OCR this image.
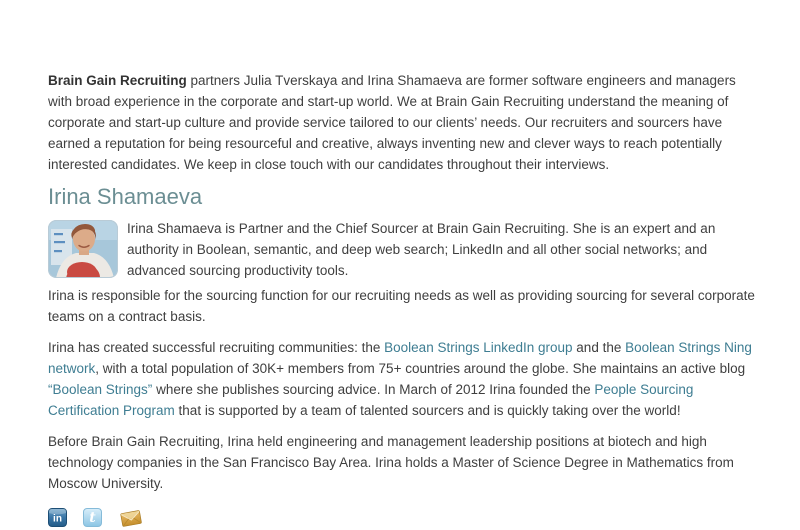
Brain Gain Recruiting partners Julia Tverskaya and Irina Shamaeva are former software engineers and managers with broad experience in the corporate and start-up world. We at Brain Gain Recruiting understand the meaning of corporate and start-up culture and provide service tailored to our clients’ needs. Our recruiters and sourcers have earned a reputation for being resourceful and creative, always inventing new and clever ways to reach potentially interested candidates. We keep in close touch with our candidates throughout their interviews.

Irina Shamaeva

Irina Shamaeva is Partner and the Chief Sourcer at Brain Gain Recruiting. She is an expert and an authority in Boolean, semantic, and deep web search; LinkedIn and all other social networks; and advanced sourcing productivity tools.

Irina is responsible for the sourcing function for our recruiting needs as well as providing sourcing for several corporate teams on a contract basis.

Irina has created successful recruiting communities: the Boolean Strings LinkedIn group and the Boolean Strings Ning network, with a total population of 30K+ members from 75+ countries around the globe. She maintains an active blog “Boolean Strings” where she publishes sourcing advice. In March of 2012 Irina founded the People Sourcing Certification Program that is supported by a team of talented sourcers and is quickly taking over the world!

Before Brain Gain Recruiting, Irina held engineering and management leadership positions at biotech and high technology companies in the San Francisco Bay Area. Irina holds a Master of Science Degree in Mathematics from Moscow University.

in
t
